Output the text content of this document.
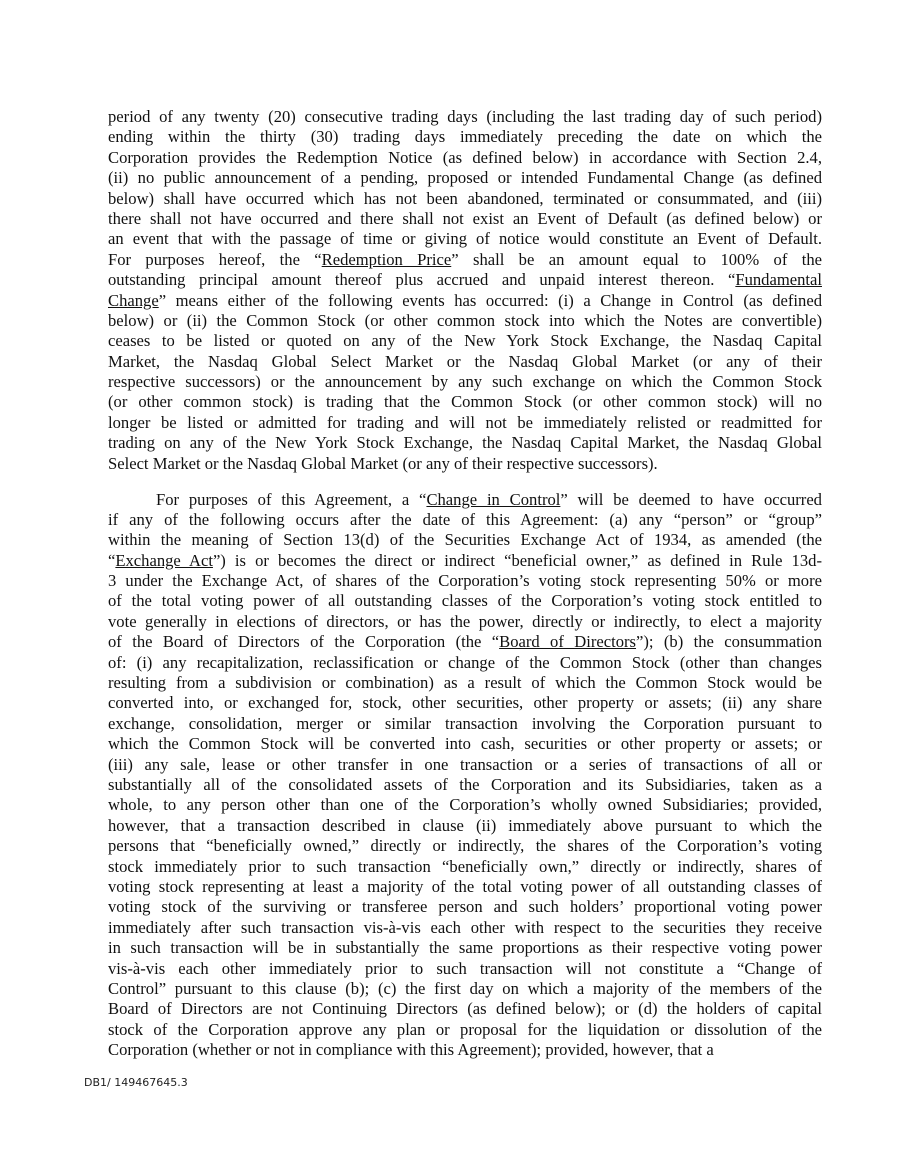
period of any twenty (20) consecutive trading days (including the last trading day of such period)
ending within the thirty (30) trading days immediately preceding the date on which the
Corporation provides the Redemption Notice (as defined below) in accordance with Section 2.4,
(ii) no public announcement of a pending, proposed or intended Fundamental Change (as defined
below) shall have occurred which has not been abandoned, terminated or consummated, and (iii)
there shall not have occurred and there shall not exist an Event of Default (as defined below) or
an event that with the passage of time or giving of notice would constitute an Event of Default.
For purposes hereof, the “Redemption Price” shall be an amount equal to 100% of the
outstanding principal amount thereof plus accrued and unpaid interest thereon. “Fundamental
Change” means either of the following events has occurred: (i) a Change in Control (as defined
below) or (ii) the Common Stock (or other common stock into which the Notes are convertible)
ceases to be listed or quoted on any of the New York Stock Exchange, the Nasdaq Capital
Market, the Nasdaq Global Select Market or the Nasdaq Global Market (or any of their
respective successors) or the announcement by any such exchange on which the Common Stock
(or other common stock) is trading that the Common Stock (or other common stock) will no
longer be listed or admitted for trading and will not be immediately relisted or readmitted for
trading on any of the New York Stock Exchange, the Nasdaq Capital Market, the Nasdaq Global
Select Market or the Nasdaq Global Market (or any of their respective successors).
For purposes of this Agreement, a “Change in Control” will be deemed to have occurred
if any of the following occurs after the date of this Agreement: (a) any “person” or “group”
within the meaning of Section 13(d) of the Securities Exchange Act of 1934, as amended (the
“Exchange Act”) is or becomes the direct or indirect “beneficial owner,” as defined in Rule 13d-
3 under the Exchange Act, of shares of the Corporation’s voting stock representing 50% or more
of the total voting power of all outstanding classes of the Corporation’s voting stock entitled to
vote generally in elections of directors, or has the power, directly or indirectly, to elect a majority
of the Board of Directors of the Corporation (the “Board of Directors”); (b) the consummation
of: (i) any recapitalization, reclassification or change of the Common Stock (other than changes
resulting from a subdivision or combination) as a result of which the Common Stock would be
converted into, or exchanged for, stock, other securities, other property or assets; (ii) any share
exchange, consolidation, merger or similar transaction involving the Corporation pursuant to
which the Common Stock will be converted into cash, securities or other property or assets; or
(iii) any sale, lease or other transfer in one transaction or a series of transactions of all or
substantially all of the consolidated assets of the Corporation and its Subsidiaries, taken as a
whole, to any person other than one of the Corporation’s wholly owned Subsidiaries; provided,
however, that a transaction described in clause (ii) immediately above pursuant to which the
persons that “beneficially owned,” directly or indirectly, the shares of the Corporation’s voting
stock immediately prior to such transaction “beneficially own,” directly or indirectly, shares of
voting stock representing at least a majority of the total voting power of all outstanding classes of
voting stock of the surviving or transferee person and such holders’ proportional voting power
immediately after such transaction vis-à-vis each other with respect to the securities they receive
in such transaction will be in substantially the same proportions as their respective voting power
vis-à-vis each other immediately prior to such transaction will not constitute a “Change of
Control” pursuant to this clause (b); (c) the first day on which a majority of the members of the
Board of Directors are not Continuing Directors (as defined below); or (d) the holders of capital
stock of the Corporation approve any plan or proposal for the liquidation or dissolution of the
Corporation (whether or not in compliance with this Agreement); provided, however, that a
DB1/ 149467645.3
